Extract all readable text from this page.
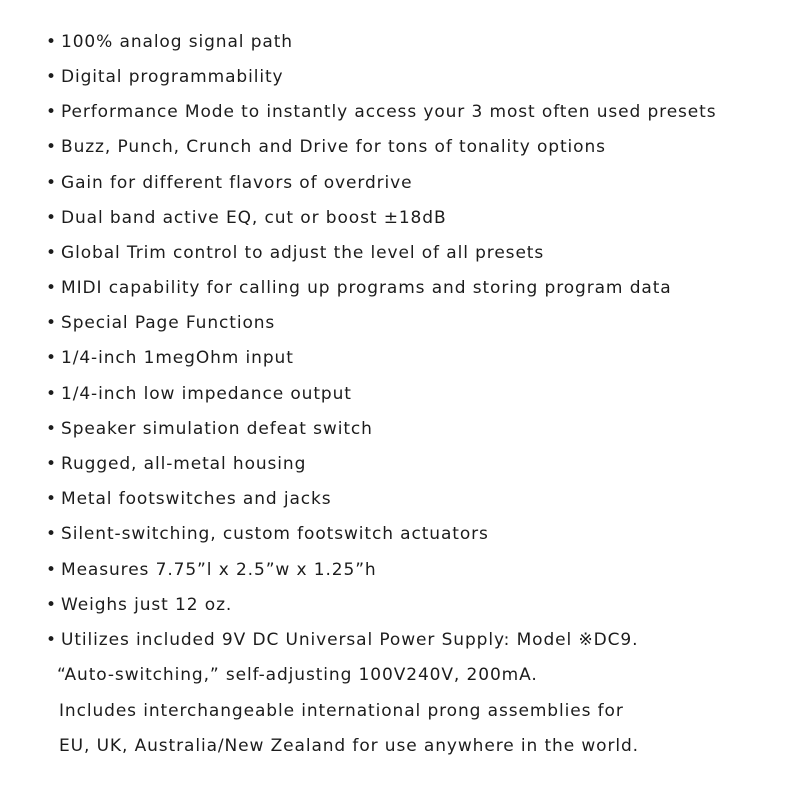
• 100% analog signal path
• Digital programmability
• Performance Mode to instantly access your 3 most often used presets
• Buzz, Punch, Crunch and Drive for tons of tonality options
• Gain for different flavors of overdrive
• Dual band active EQ, cut or boost ±18dB
• Global Trim control to adjust the level of all presets
• MIDI capability for calling up programs and storing program data
• Special Page Functions
• 1/4-inch 1megOhm input
• 1/4-inch low impedance output
• Speaker simulation defeat switch
• Rugged, all-metal housing
• Metal footswitches and jacks
• Silent-switching, custom footswitch actuators
• Measures 7.75”l x 2.5”w x 1.25”h
• Weighs just 12 oz.
• Utilizes included 9V DC Universal Power Supply: Model ※DC9.
“Auto-switching,” self-adjusting 100V240V, 200mA.
Includes interchangeable international prong assemblies for
EU, UK, Australia/New Zealand for use anywhere in the world.
